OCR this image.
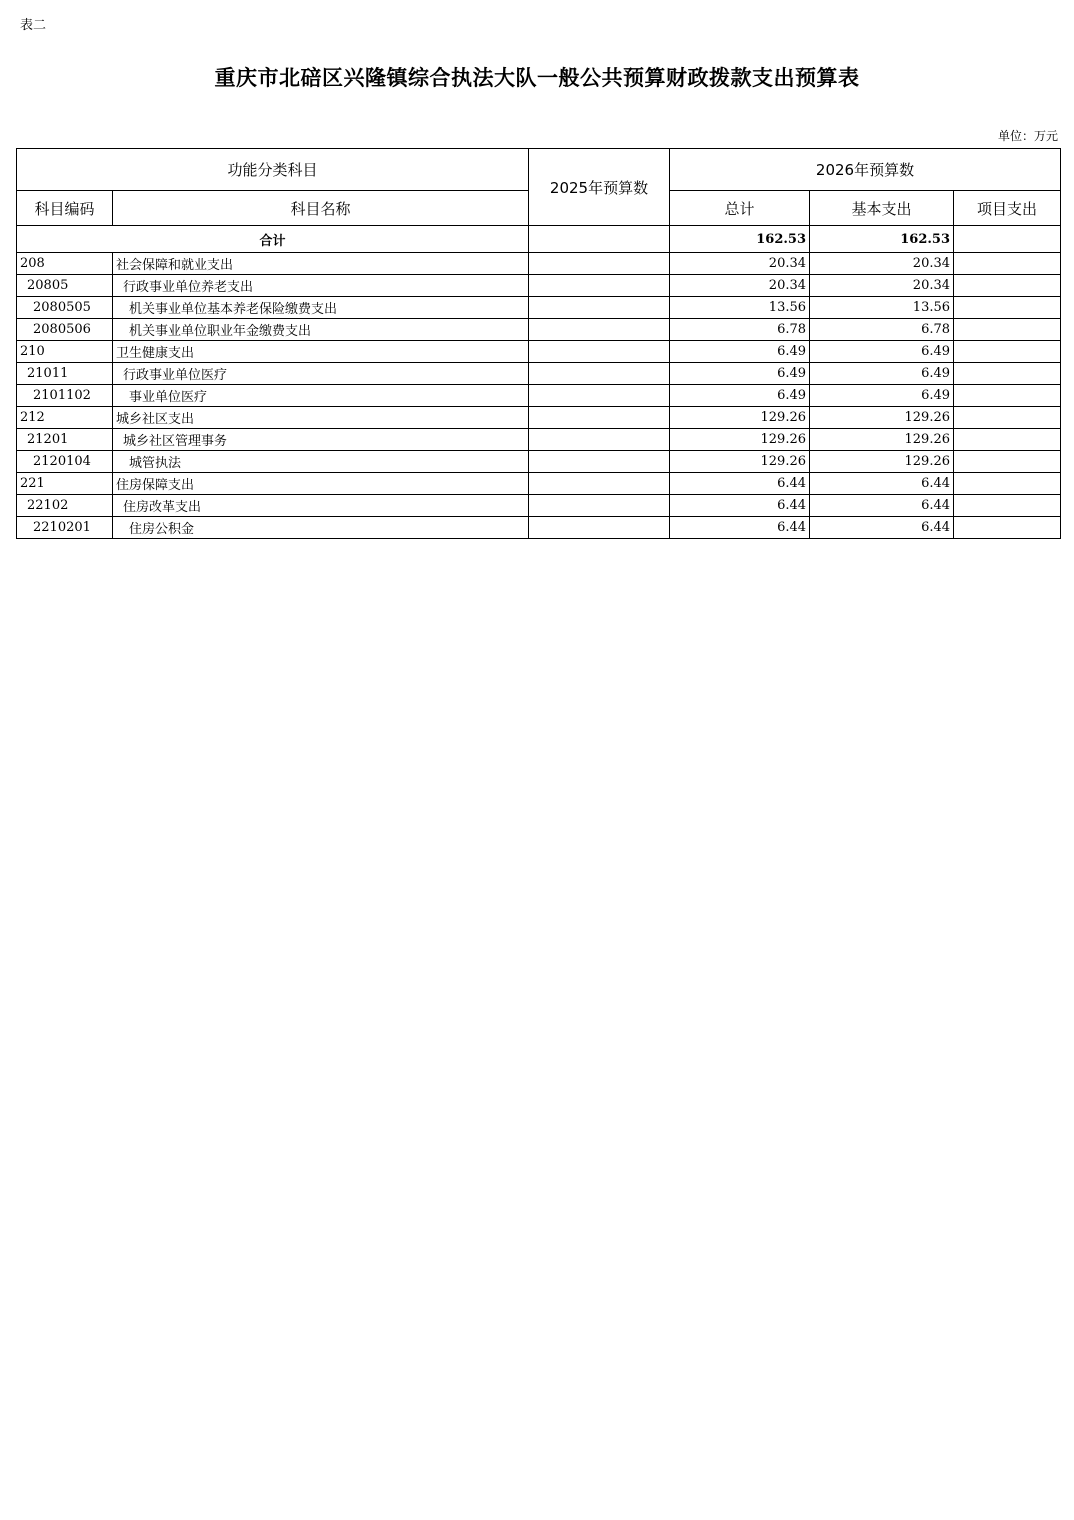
表二
重庆市北碚区兴隆镇综合执法大队一般公共预算财政拨款支出预算表
单位：万元
功能分类科目		2025年预算数	2026年预算数		
科目编码	科目名称		总计	基本支出	项目支出
合计			162.53	162.53	
208	社会保障和就业支出		20.34	20.34	
20805	行政事业单位养老支出		20.34	20.34	
2080505	机关事业单位基本养老保险缴费支出		13.56	13.56	
2080506	机关事业单位职业年金缴费支出		6.78	6.78	
210	卫生健康支出		6.49	6.49	
21011	行政事业单位医疗		6.49	6.49	
2101102	事业单位医疗		6.49	6.49	
212	城乡社区支出		129.26	129.26	
21201	城乡社区管理事务		129.26	129.26	
2120104	城管执法		129.26	129.26	
221	住房保障支出		6.44	6.44	
22102	住房改革支出		6.44	6.44	
2210201	住房公积金		6.44	6.44	
